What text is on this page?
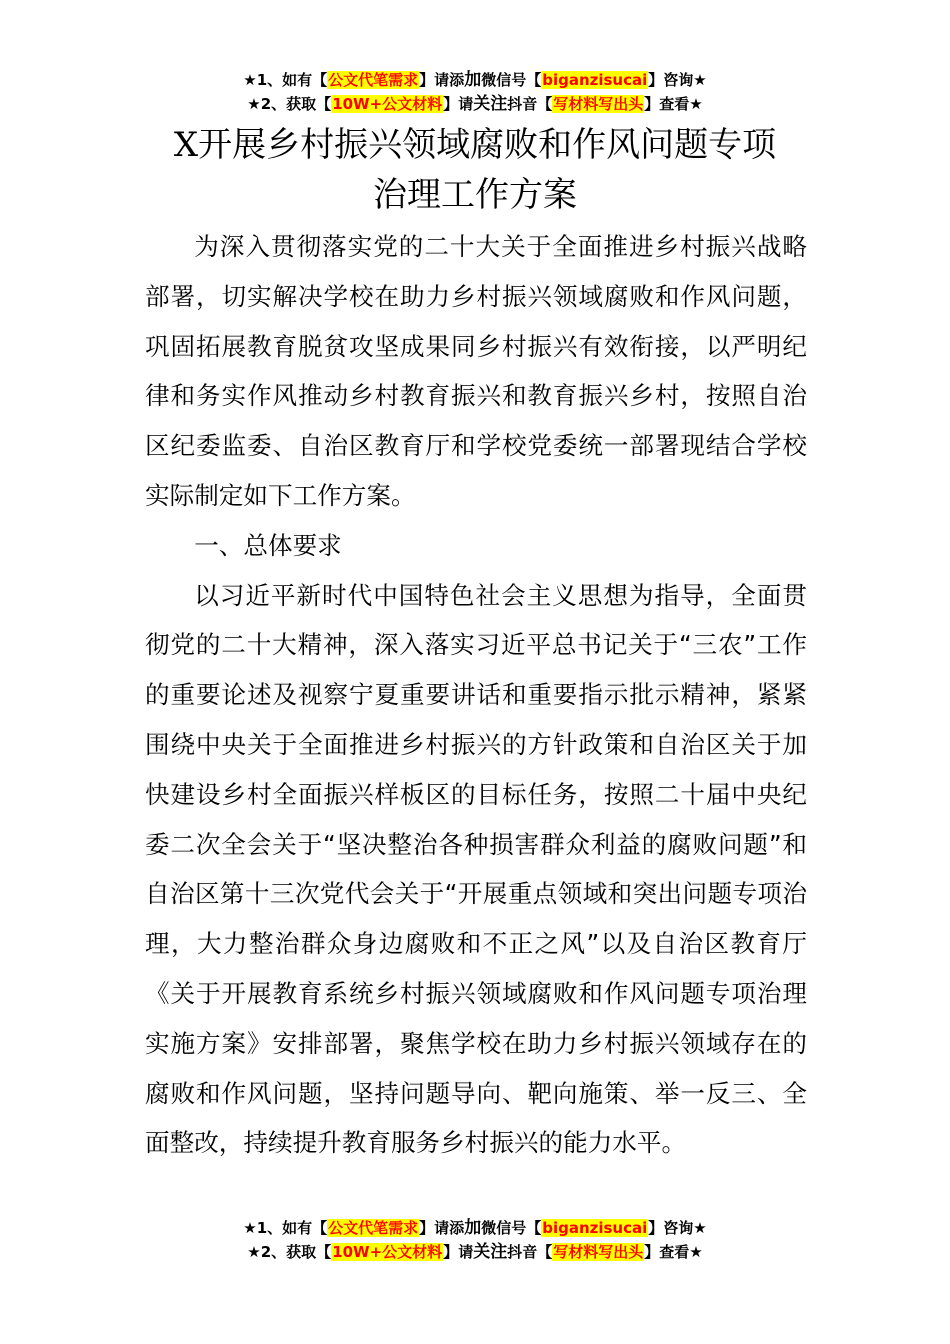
★1、如有【公文代笔需求】请添加微信号【biganzisucai】咨询★
★2、获取【10W+公文材料】请关注抖音【写材料写出头】查看★
X开展乡村振兴领域腐败和作风问题专项
治理工作方案

为深入贯彻落实党的二十大关于全面推进乡村振兴战略部署，切实解决学校在助力乡村振兴领域腐败和作风问题，巩固拓展教育脱贫攻坚成果同乡村振兴有效衔接，以严明纪律和务实作风推动乡村教育振兴和教育振兴乡村，按照自治区纪委监委、自治区教育厅和学校党委统一部署现结合学校实际制定如下工作方案。

一、总体要求

以习近平新时代中国特色社会主义思想为指导，全面贯彻党的二十大精神，深入落实习近平总书记关于“三农”工作的重要论述及视察宁夏重要讲话和重要指示批示精神，紧紧围绕中央关于全面推进乡村振兴的方针政策和自治区关于加快建设乡村全面振兴样板区的目标任务，按照二十届中央纪委二次全会关于“坚决整治各种损害群众利益的腐败问题”和自治区第十三次党代会关于“开展重点领域和突出问题专项治理，大力整治群众身边腐败和不正之风”以及自治区教育厅《关于开展教育系统乡村振兴领域腐败和作风问题专项治理实施方案》安排部署，聚焦学校在助力乡村振兴领域存在的腐败和作风问题，坚持问题导向、靶向施策、举一反三、全面整改，持续提升教育服务乡村振兴的能力水平。

★1、如有【公文代笔需求】请添加微信号【biganzisucai】咨询★
★2、获取【10W+公文材料】请关注抖音【写材料写出头】查看★
